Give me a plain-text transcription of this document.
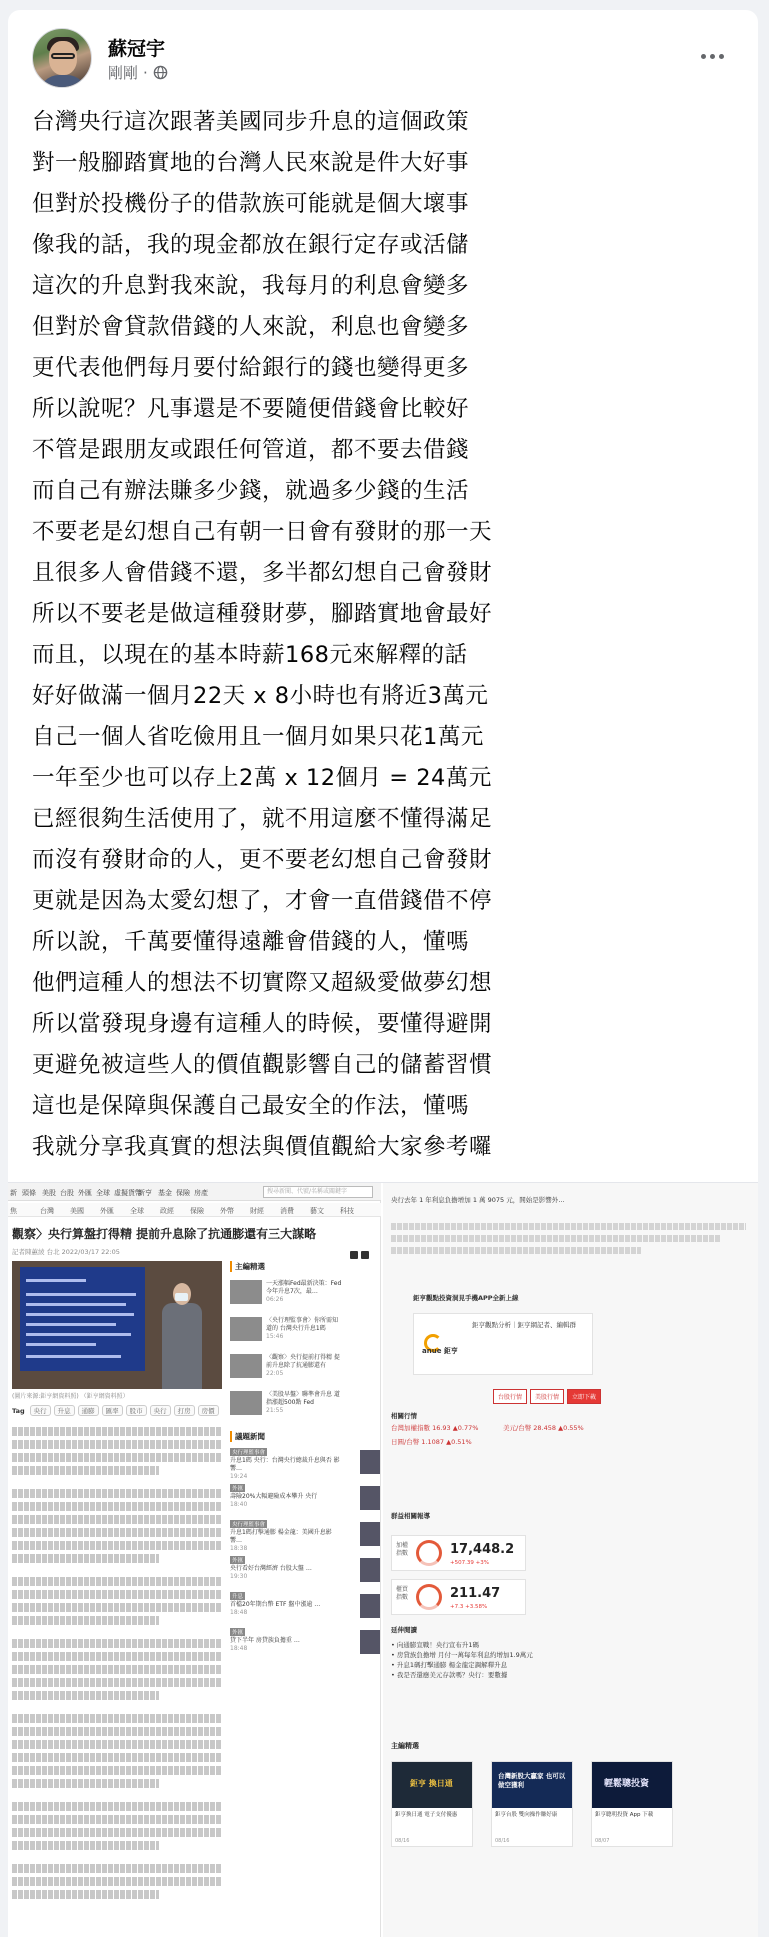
蘇冠宇
剛剛 ·
台灣央行這次跟著美國同步升息的這個政策
對一般腳踏實地的台灣人民來說是件大好事
但對於投機份子的借款族可能就是個大壞事
像我的話，我的現金都放在銀行定存或活儲
這次的升息對我來說，我每月的利息會變多
但對於會貸款借錢的人來說，利息也會變多
更代表他們每月要付給銀行的錢也變得更多
所以說呢？凡事還是不要隨便借錢會比較好
不管是跟朋友或跟任何管道，都不要去借錢
而自己有辦法賺多少錢，就過多少錢的生活
不要老是幻想自己有朝一日會有發財的那一天
且很多人會借錢不還，多半都幻想自己會發財
所以不要老是做這種發財夢，腳踏實地會最好
而且，以現在的基本時薪168元來解釋的話
好好做滿一個月22天 x 8小時也有將近3萬元
自己一個人省吃儉用且一個月如果只花1萬元
一年至少也可以存上2萬 x 12個月 = 24萬元
已經很夠生活使用了，就不用這麼不懂得滿足
而沒有發財命的人，更不要老幻想自己會發財
更就是因為太愛幻想了，才會一直借錢借不停
所以說，千萬要懂得遠離會借錢的人，懂嗎
他們這種人的想法不切實際又超級愛做夢幻想
所以當發現身邊有這種人的時候，要懂得避開
更避免被這些人的價值觀影響自己的儲蓄習慣
這也是保障與保護自己最安全的作法，懂嗎
我就分享我真實的想法與價值觀給大家參考囉
搜尋新聞、代號/名稱或關鍵字
新 頭條 美股 台股 外匯 全球 虛擬貨幣
新亨 基金 保險 房產
焦	台灣 美國 外匯 全球 政經 保險 外幣 財經 消費 藝文 科技
觀察〉央行算盤打得精 提前升息除了抗通膨還有三大謀略
記者陳蕙綾 台北 2022/03/17 22:05
(圖片來源:鉅亨網資料照) （鉅亨網資料照）
Tag 央行 升息 通膨 匯率 股市 央行 打房 房價
主編精選
一天漲幅Fed最新決策：Fed今年升息7次，最…
06:26
〈央行理監事會〉你所需知道的 台灣央行升息1碼
15:46
〈觀察〉央行提前打得精 提前升息除了抗通膨還有
22:05
〈美股早盤〉聯準會升息 道指漲超500點 Fed
21:55
議題新聞
央行理監事會
升息1碼 央行：台灣央行總裁升息與否 影響…
19:24
外匯
壽險20%大幅避險成本攀升 央行
18:40
央行理監事會
升息1碼打擊通膨 楊金龍：美國升息影響…
18:38
外匯
央行看好台灣經濟 台股大盤 …
19:30
升息
首檔20年期台幣 ETF 盤中漲逾 …
18:48
外匯
貸下半年 房貸族負擔重 …
18:48
央行去年 1 年利息負擔增加 1 萬 9075 元，開始是影響外…
鉅亨觀點投資洞見手機APP全新上線
anue 鉅亨
鉅亨觀點分析｜鉅亨網記者、編輯群
台股行情 美股行情 立即下載
相關行情
台灣加權指數 16.93 ▲0.77%	美元/台幣 28.458 ▲0.55%
日圓/台幣 1.1087 ▲0.51%
群益相關報導
加權指數	17,448.2
+507.39 +3%
櫃買指數	211.47
+7.3 +3.58%
延伸閱讀
• 向通膨宣戰！央行宣布升1碼
• 房貸族負擔增 月付一萬每年利息約增加1.9萬元
• 升息1碼打擊通膨 楊金龍定調解釋升息
• 我是否還應美元存款嗎？央行：要數據
主編精選
鉅亨 換日通
鉅亨換日通 電子支付優惠
08/16
台灣新股大贏家 也可以做空獲利
鉅亨台股 雙向操作賺好康
08/16
輕鬆聰投資
鉅亨聰明投資 App 下載
08/07
